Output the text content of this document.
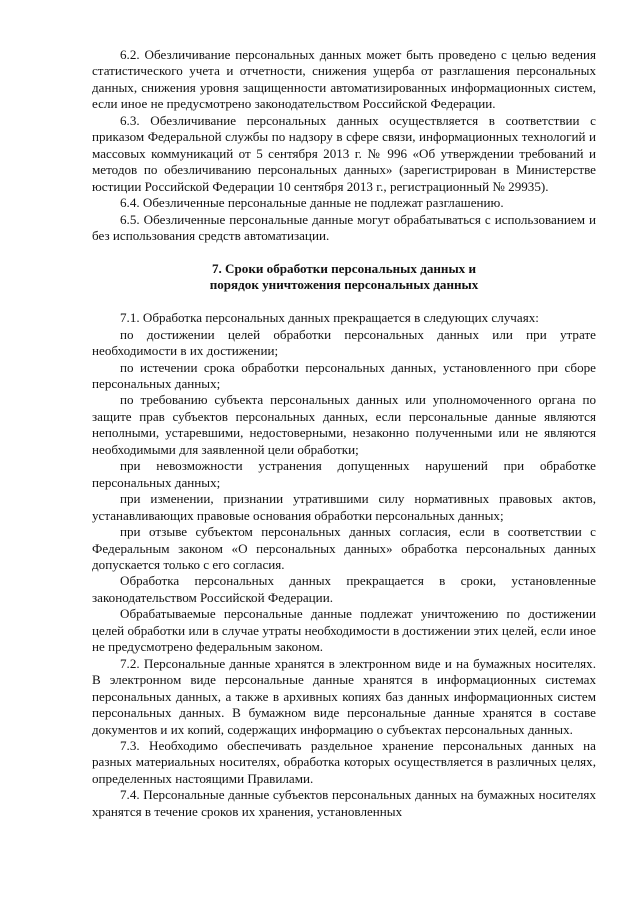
6.2. Обезличивание персональных данных может быть проведено с целью ведения статистического учета и отчетности, снижения ущерба от разглашения персональных данных, снижения уровня защищенности автоматизированных информационных систем, если иное не предусмотрено законодательством Российской Федерации.

6.3. Обезличивание персональных данных осуществляется в соответствии с приказом Федеральной службы по надзору в сфере связи, информационных технологий и массовых коммуникаций от 5 сентября 2013 г. № 996 «Об утверждении требований и методов по обезличиванию персональных данных» (зарегистрирован в Министерстве юстиции Российской Федерации 10 сентября 2013 г., регистрационный № 29935).

6.4. Обезличенные персональные данные не подлежат разглашению.

6.5. Обезличенные персональные данные могут обрабатываться с использованием и без использования средств автоматизации.

7. Сроки обработки персональных данных и

порядок уничтожения персональных данных

7.1. Обработка персональных данных прекращается в следующих случаях:

по достижении целей обработки персональных данных или при утрате необходимости в их достижении;

по истечении срока обработки персональных данных, установленного при сборе персональных данных;

по требованию субъекта персональных данных или уполномоченного органа по защите прав субъектов персональных данных, если персональные данные являются неполными, устаревшими, недостоверными, незаконно полученными или не являются необходимыми для заявленной цели обработки;

при невозможности устранения допущенных нарушений при обработке персональных данных;

при изменении, признании утратившими силу нормативных правовых актов, устанавливающих правовые основания обработки персональных данных;

при отзыве субъектом персональных данных согласия, если в соответствии с Федеральным законом «О персональных данных» обработка персональных данных допускается только с его согласия.

Обработка персональных данных прекращается в сроки, установленные законодательством Российской Федерации.

Обрабатываемые персональные данные подлежат уничтожению по достижении целей обработки или в случае утраты необходимости в достижении этих целей, если иное не предусмотрено федеральным законом.

7.2. Персональные данные хранятся в электронном виде и на бумажных носителях. В электронном виде персональные данные хранятся в информационных системах персональных данных, а также в архивных копиях баз данных информационных систем персональных данных. В бумажном виде персональные данные хранятся в составе документов и их копий, содержащих информацию о субъектах персональных данных.

7.3. Необходимо обеспечивать раздельное хранение персональных данных на разных материальных носителях, обработка которых осуществляется в различных целях, определенных настоящими Правилами.

7.4. Персональные данные субъектов персональных данных на бумажных носителях хранятся в течение сроков их хранения, установленных
